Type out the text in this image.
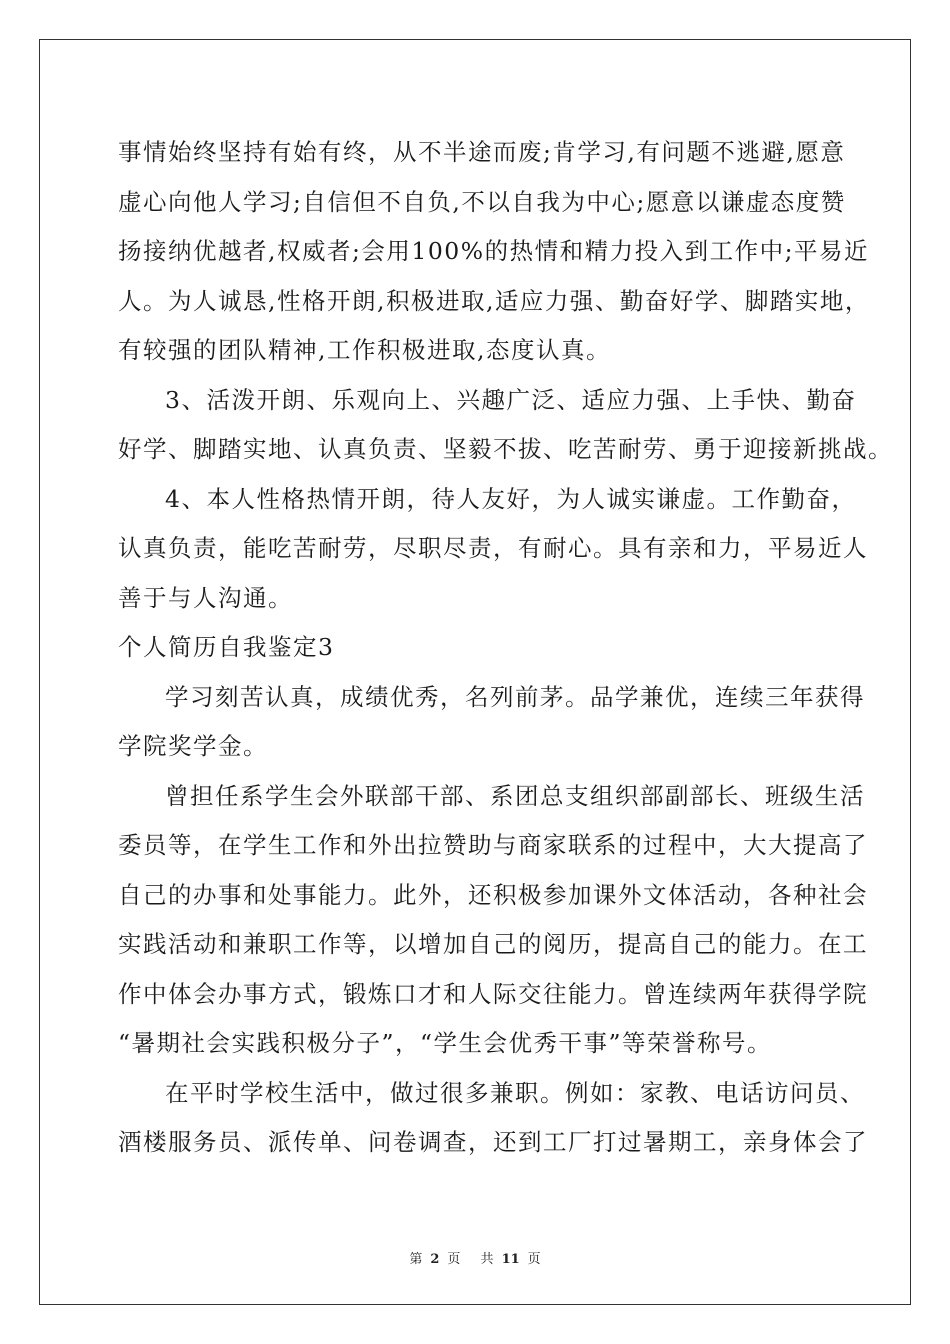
事情始终坚持有始有终，从不半途而废;肯学习,有问题不逃避,愿意
虚心向他人学习;自信但不自负,不以自我为中心;愿意以谦虚态度赞
扬接纳优越者,权威者;会用100%的热情和精力投入到工作中;平易近
人。为人诚恳,性格开朗,积极进取,适应力强、勤奋好学、脚踏实地，
有较强的团队精神,工作积极进取,态度认真。
3、活泼开朗、乐观向上、兴趣广泛、适应力强、上手快、勤奋
好学、脚踏实地、认真负责、坚毅不拔、吃苦耐劳、勇于迎接新挑战。
4、本人性格热情开朗，待人友好，为人诚实谦虚。工作勤奋，
认真负责，能吃苦耐劳，尽职尽责，有耐心。具有亲和力，平易近人
善于与人沟通。
个人简历自我鉴定3
学习刻苦认真，成绩优秀，名列前茅。品学兼优，连续三年获得
学院奖学金。
曾担任系学生会外联部干部、系团总支组织部副部长、班级生活
委员等，在学生工作和外出拉赞助与商家联系的过程中，大大提高了
自己的办事和处事能力。此外，还积极参加课外文体活动，各种社会
实践活动和兼职工作等，以增加自己的阅历，提高自己的能力。在工
作中体会办事方式，锻炼口才和人际交往能力。曾连续两年获得学院
“暑期社会实践积极分子”，“学生会优秀干事”等荣誉称号。
在平时学校生活中，做过很多兼职。例如：家教、电话访问员、
酒楼服务员、派传单、问卷调查，还到工厂打过暑期工，亲身体会了
第 2 页 共 11 页
